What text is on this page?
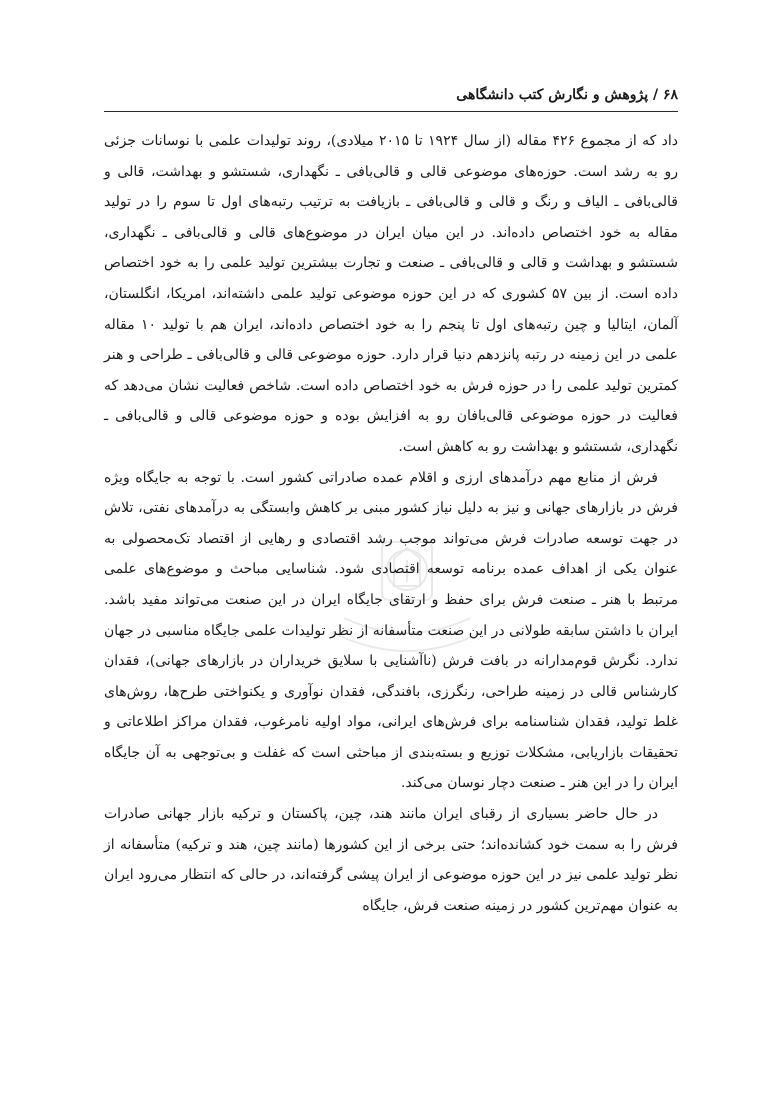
۶۸ / پژوهش و نگارش کتب دانشگاهی

داد که از مجموع ۴۲۶ مقاله (از سال ۱۹۲۴ تا ۲۰۱۵ میلادی)، روند تولیدات علمی با نوسانات جزئی رو به رشد است. حوزه‌های موضوعی قالی و قالی‌بافی ـ نگهداری، شستشو و بهداشت، قالی و قالی‌بافی ـ الیاف و رنگ و قالی و قالی‌بافی ـ بازیافت به ترتیب رتبه‌های اول تا سوم را در تولید مقاله به خود اختصاص داده‌اند. در این میان ایران در موضوع‌های قالی و قالی‌بافی ـ نگهداری، شستشو و بهداشت و قالی و قالی‌بافی ـ صنعت و تجارت بیشترین تولید علمی را به خود اختصاص داده است. از بین ۵۷ کشوری که در این حوزه موضوعی تولید علمی داشته‌اند، امریکا، انگلستان، آلمان، ایتالیا و چین رتبه‌های اول تا پنجم را به خود اختصاص داده‌اند، ایران هم با تولید ۱۰ مقاله علمی در این زمینه در رتبه پانزدهم دنیا قرار دارد. حوزه موضوعی قالی و قالی‌بافی ـ طراحی و هنر کمترین تولید علمی را در حوزه فرش به خود اختصاص داده است. شاخص فعالیت نشان می‌دهد که فعالیت در حوزه موضوعی قالی‌بافان رو به افزایش بوده و حوزه موضوعی قالی و قالی‌بافی ـ نگهداری، شستشو و بهداشت رو به کاهش است.

فرش از منابع مهم درآمدهای ارزی و اقلام عمده صادراتی کشور است. با توجه به جایگاه ویژه فرش در بازارهای جهانی و نیز به دلیل نیاز کشور مبنی بر کاهش وابستگی به درآمدهای نفتی، تلاش در جهت توسعه صادرات فرش می‌تواند موجب رشد اقتصادی و رهایی از اقتصاد تک‌محصولی به عنوان یکی از اهداف عمده برنامه توسعه اقتصادی شود. شناسایی مباحث و موضوع‌های علمی مرتبط با هنر ـ صنعت فرش برای حفظ و ارتقای جایگاه ایران در این صنعت می‌تواند مفید باشد. ایران با داشتن سابقه طولانی در این صنعت متأسفانه از نظر تولیدات علمی جایگاه مناسبی در جهان ندارد. نگرش قوم‌مدارانه در بافت فرش (ناآشنایی با سلایق خریداران در بازارهای جهانی)، فقدان کارشناس قالی در زمینه طراحی، رنگرزی، بافندگی، فقدان نوآوری و یکنواختی طرح‌ها، روش‌های غلط تولید، فقدان شناسنامه برای فرش‌های ایرانی، مواد اولیه نامرغوب، فقدان مراکز اطلاعاتی و تحقیقات بازاریابی، مشکلات توزیع و بسته‌بندی از مباحثی است که غفلت و بی‌توجهی به آن جایگاه ایران را در این هنر ـ صنعت دچار نوسان می‌کند.

در حال حاضر بسیاری از رقبای ایران مانند هند، چین، پاکستان و ترکیه بازار جهانی صادرات فرش را به سمت خود کشانده‌اند؛ حتی برخی از این کشورها (مانند چین، هند و ترکیه) متأسفانه از نظر تولید علمی نیز در این حوزه موضوعی از ایران پیشی گرفته‌اند، در حالی که انتظار می‌رود ایران به عنوان مهم‌ترین کشور در زمینه صنعت فرش، جایگاه
